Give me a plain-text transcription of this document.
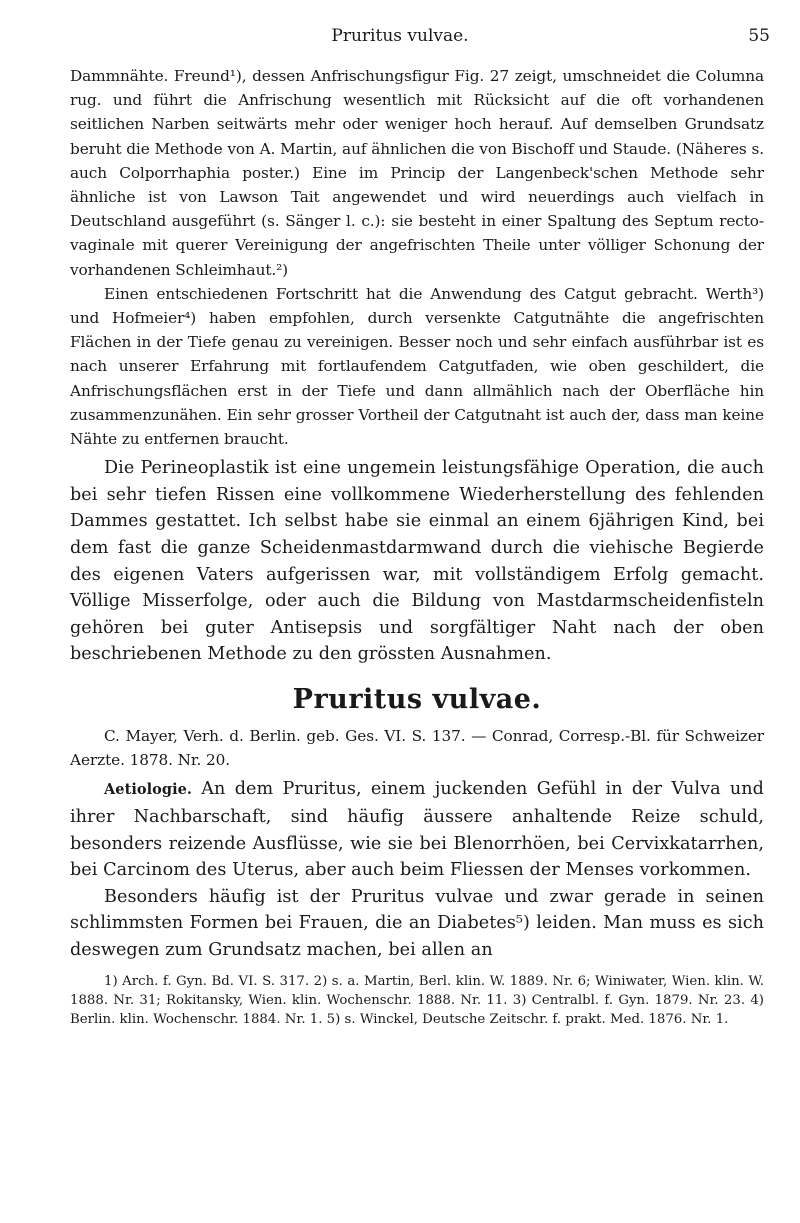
Pruritus vulvae.	55

Dammnähte. Freund¹), dessen Anfrischungsfigur Fig. 27 zeigt, umschneidet die Columna rug. und führt die Anfrischung wesentlich mit Rücksicht auf die oft vorhandenen seitlichen Narben seitwärts mehr oder weniger hoch herauf. Auf demselben Grundsatz beruht die Methode von A. Martin, auf ähnlichen die von Bischoff und Staude. (Näheres s. auch Colporrhaphia poster.) Eine im Princip der Langenbeck'schen Methode sehr ähnliche ist von Lawson Tait angewendet und wird neuerdings auch vielfach in Deutschland ausgeführt (s. Sänger l. c.): sie besteht in einer Spaltung des Septum recto-vaginale mit querer Vereinigung der angefrischten Theile unter völliger Schonung der vorhandenen Schleimhaut.²)

Einen entschiedenen Fortschritt hat die Anwendung des Catgut gebracht. Werth³) und Hofmeier⁴) haben empfohlen, durch versenkte Catgutnähte die angefrischten Flächen in der Tiefe genau zu vereinigen. Besser noch und sehr einfach ausführbar ist es nach unserer Erfahrung mit fortlaufendem Catgutfaden, wie oben geschildert, die Anfrischungsflächen erst in der Tiefe und dann allmählich nach der Oberfläche hin zusammenzunähen. Ein sehr grosser Vortheil der Catgutnaht ist auch der, dass man keine Nähte zu entfernen braucht.

Die Perineoplastik ist eine ungemein leistungsfähige Operation, die auch bei sehr tiefen Rissen eine vollkommene Wiederherstellung des fehlenden Dammes gestattet. Ich selbst habe sie einmal an einem 6jährigen Kind, bei dem fast die ganze Scheidenmastdarmwand durch die viehische Begierde des eigenen Vaters aufgerissen war, mit vollständigem Erfolg gemacht. Völlige Misserfolge, oder auch die Bildung von Mastdarmscheidenfisteln gehören bei guter Antisepsis und sorgfältiger Naht nach der oben beschriebenen Methode zu den grössten Ausnahmen.

Pruritus vulvae.

C. Mayer, Verh. d. Berlin. geb. Ges. VI. S. 137. — Conrad, Corresp.-Bl. für Schweizer Aerzte. 1878. Nr. 20.

Aetiologie. An dem Pruritus, einem juckenden Gefühl in der Vulva und ihrer Nachbarschaft, sind häufig äussere anhaltende Reize schuld, besonders reizende Ausflüsse, wie sie bei Blenorrhöen, bei Cervixkatarrhen, bei Carcinom des Uterus, aber auch beim Fliessen der Menses vorkommen.

Besonders häufig ist der Pruritus vulvae und zwar gerade in seinen schlimmsten Formen bei Frauen, die an Diabetes⁵) leiden. Man muss es sich deswegen zum Grundsatz machen, bei allen an

1) Arch. f. Gyn. Bd. VI. S. 317. 2) s. a. Martin, Berl. klin. W. 1889. Nr. 6; Winiwater, Wien. klin. W. 1888. Nr. 31; Rokitansky, Wien. klin. Wochenschr. 1888. Nr. 11. 3) Centralbl. f. Gyn. 1879. Nr. 23. 4) Berlin. klin. Wochenschr. 1884. Nr. 1. 5) s. Winckel, Deutsche Zeitschr. f. prakt. Med. 1876. Nr. 1.
